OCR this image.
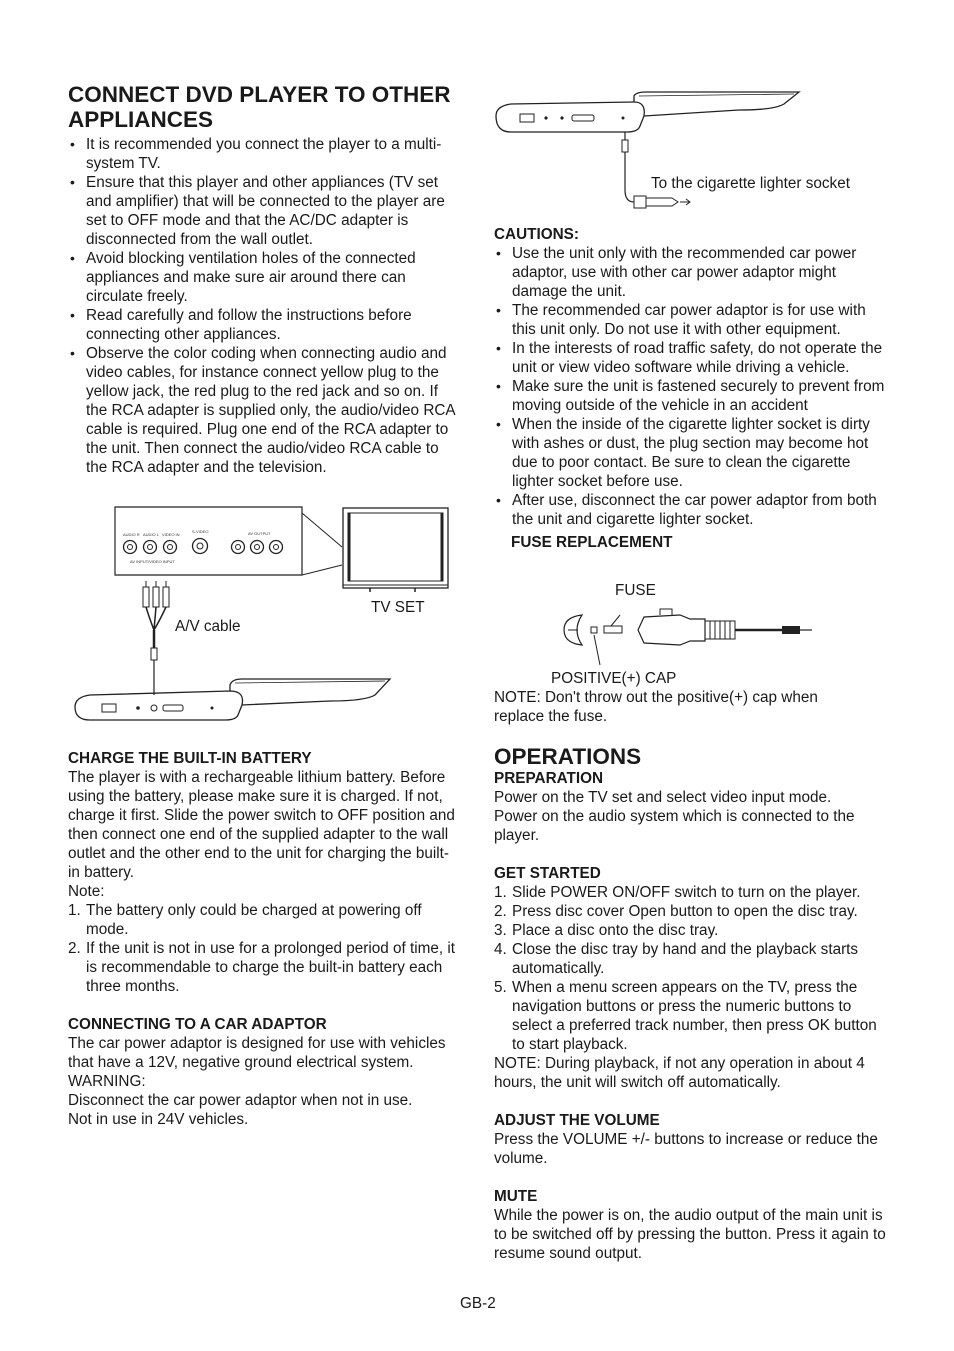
CONNECT DVD PLAYER TO OTHER APPLIANCES
• It is recommended you connect the player to a multi-system TV.
• Ensure that this player and other appliances (TV set and amplifier) that will be connected to the player are set to OFF mode and that the AC/DC adapter is disconnected from the wall outlet.
• Avoid blocking ventilation holes of the connected appliances and make sure air around there can circulate freely.
• Read carefully and follow the instructions before connecting other appliances.
• Observe the color coding when connecting audio and video cables, for instance connect yellow plug to the yellow jack, the red plug to the red jack and so on. If the RCA adapter is supplied only, the audio/video RCA cable is required. Plug one end of the RCA adapter to the unit. Then connect the audio/video RCA cable to the RCA adapter and the television.
AUDIO R AUDIO L VIDEO IN
S-VIDEO	AV OUTPUT
AV INPUT/VIDEO INPUT
TV SET
A/V cable
CHARGE THE BUILT-IN BATTERY

The player is with a rechargeable lithium battery. Before using the battery, please make sure it is charged. If not, charge it first. Slide the power switch to OFF position and then connect one end of the supplied adapter to the wall outlet and the other end to the unit for charging the built-in battery.

Note:

1. The battery only could be charged at powering off mode.
2. If the unit is not in use for a prolonged period of time, it is recommendable to charge the built-in battery each three months.
CONNECTING TO A CAR ADAPTOR

The car power adaptor is designed for use with vehicles that have a 12V, negative ground electrical system.

WARNING:

Disconnect the car power adaptor when not in use.

Not in use in 24V vehicles.

To the cigarette lighter socket
CAUTIONS:
• Use the unit only with the recommended car power adaptor, use with other car power adaptor might damage the unit.
• The recommended car power adaptor is for use with this unit only. Do not use it with other equipment.
• In the interests of road traffic safety, do not operate the unit or view video software while driving a vehicle.
• Make sure the unit is fastened securely to prevent from moving outside of the vehicle in an accident
• When the inside of the cigarette lighter socket is dirty with ashes or dust, the plug section may become hot due to poor contact. Be sure to clean the cigarette lighter socket before use.
• After use, disconnect the car power adaptor from both the unit and cigarette lighter socket.
FUSE REPLACEMENT
FUSE
POSITIVE(+) CAP

NOTE: Don't throw out the positive(+) cap when replace the fuse.

OPERATIONS
PREPARATION

Power on the TV set and select video input mode.

Power on the audio system which is connected to the player.

GET STARTED
1. Slide POWER ON/OFF switch to turn on the player.
2. Press disc cover Open button to open the disc tray.
3. Place a disc onto the disc tray.
4. Close the disc tray by hand and the playback starts automatically.
5. When a menu screen appears on the TV, press the navigation buttons or press the numeric buttons to select a preferred track number, then press OK button to start playback.

NOTE: During playback, if not any operation in about 4 hours, the unit will switch off automatically.

ADJUST THE VOLUME

Press the VOLUME +/- buttons to increase or reduce the volume.

MUTE

While the power is on, the audio output of the main unit is to be switched off by pressing the button. Press it again to resume sound output.

GB-2
